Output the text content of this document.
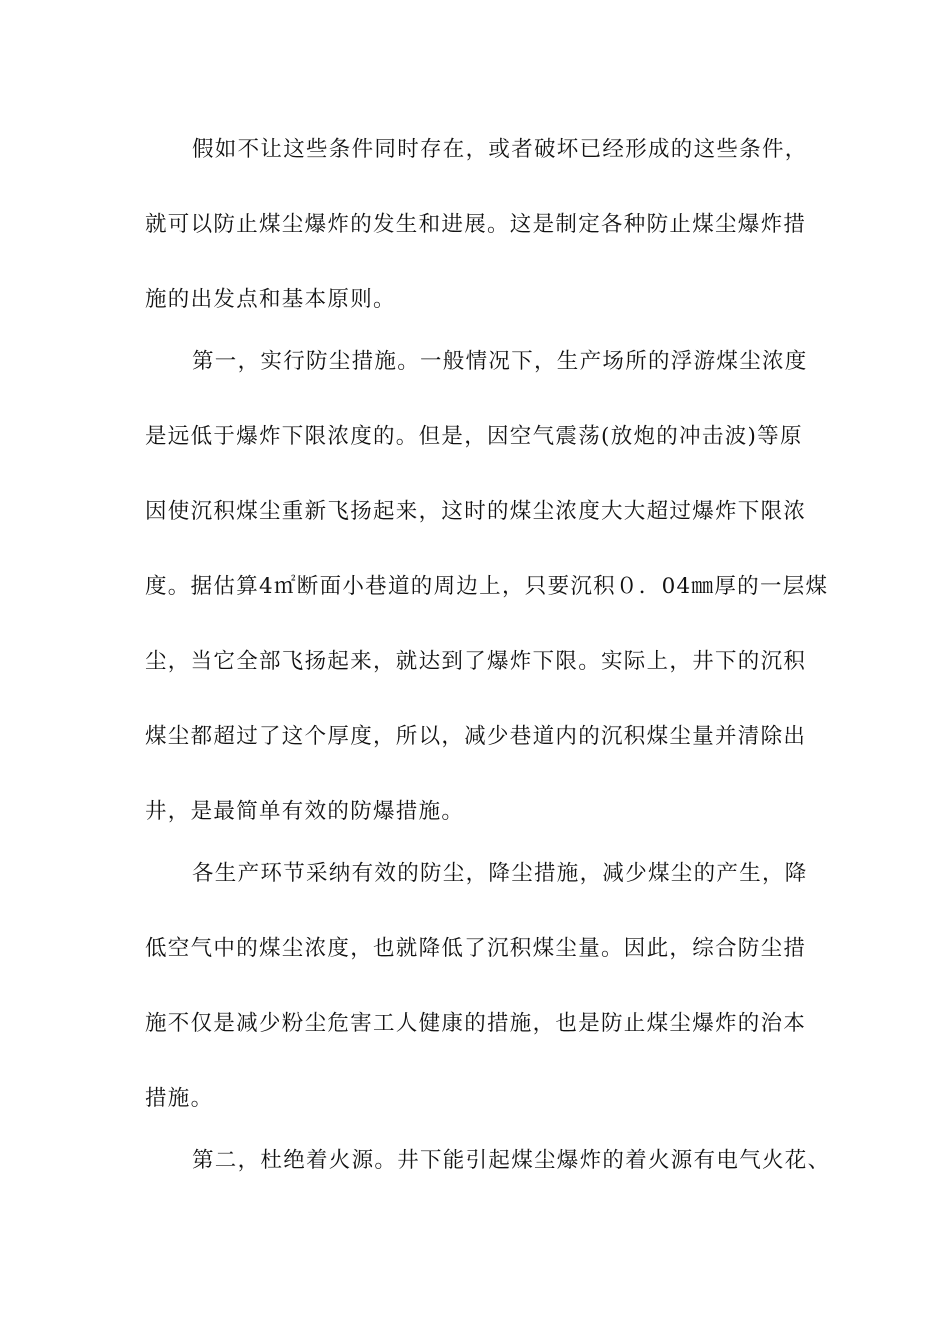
假如不让这些条件同时存在，或者破坏已经形成的这些条件，
就可以防止煤尘爆炸的发生和进展。这是制定各种防止煤尘爆炸措
施的出发点和基本原则。
第一，实行防尘措施。一般情况下，生产场所的浮游煤尘浓度
是远低于爆炸下限浓度的。但是，因空气震荡(放炮的冲击波)等原
因使沉积煤尘重新飞扬起来，这时的煤尘浓度大大超过爆炸下限浓
度。据估算4㎡断面小巷道的周边上，只要沉积０．04㎜厚的一层煤
尘，当它全部飞扬起来，就达到了爆炸下限。实际上，井下的沉积
煤尘都超过了这个厚度，所以，减少巷道内的沉积煤尘量并清除出
井，是最简单有效的防爆措施。
各生产环节采纳有效的防尘，降尘措施，减少煤尘的产生，降
低空气中的煤尘浓度，也就降低了沉积煤尘量。因此，综合防尘措
施不仅是减少粉尘危害工人健康的措施，也是防止煤尘爆炸的治本
措施。
第二，杜绝着火源。井下能引起煤尘爆炸的着火源有电气火花、
